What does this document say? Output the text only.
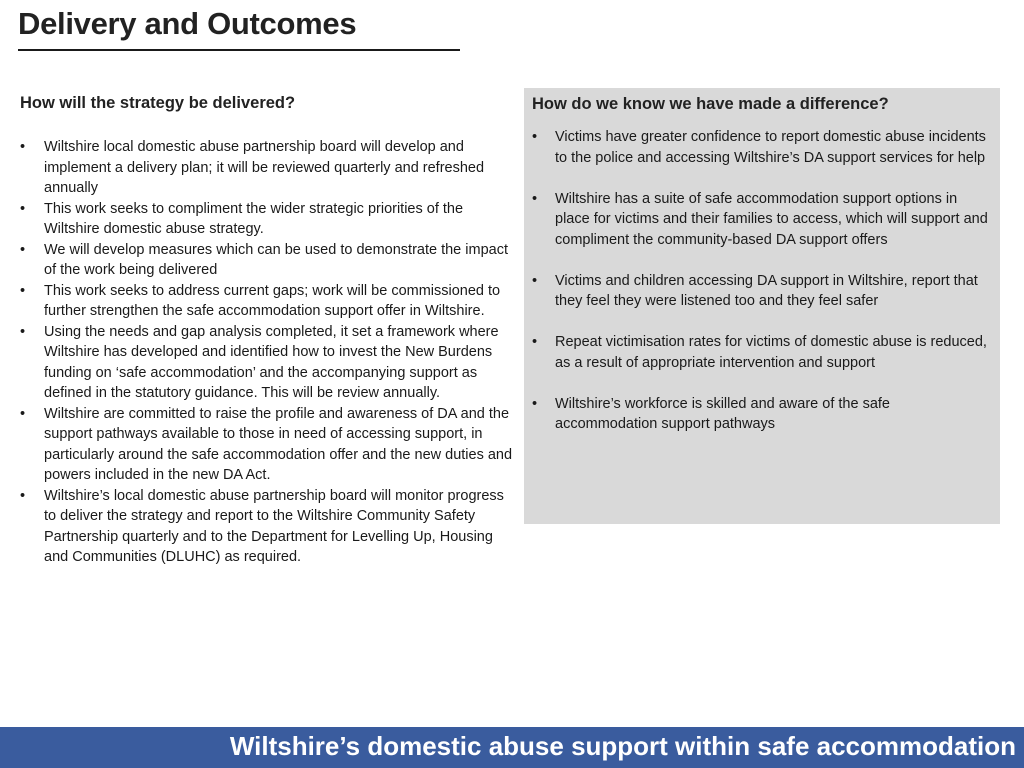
Delivery and Outcomes

How will the strategy be delivered?

• Wiltshire local domestic abuse partnership board will develop and implement a delivery plan; it will be reviewed quarterly and refreshed annually
• This work seeks to compliment the wider strategic priorities of the Wiltshire domestic abuse strategy.
• We will develop measures which can be used to demonstrate the impact of the work being delivered
• This work seeks to address current gaps; work will be commissioned to further strengthen the safe accommodation support offer in Wiltshire.
• Using the needs and gap analysis completed, it set a framework where Wiltshire has developed and identified how to invest the New Burdens funding on ‘safe accommodation’ and the accompanying support as defined in the statutory guidance. This will be review annually.
• Wiltshire are committed to raise the profile and awareness of DA and the support pathways available to those in need of accessing support, in particularly around the safe accommodation offer and the new duties and powers included in the new DA Act.
• Wiltshire’s local domestic abuse partnership board will monitor progress to deliver the strategy and report to the Wiltshire Community Safety Partnership quarterly and to the Department for Levelling Up, Housing and Communities (DLUHC) as required.

How do we know we have made a difference?

• Victims have greater confidence to report domestic abuse incidents to the police and accessing Wiltshire’s DA support services for help
• Wiltshire has a suite of safe accommodation support options in place for victims and their families to access, which will support and compliment the community-based DA support offers
• Victims and children accessing DA support in Wiltshire, report that they feel they were listened too and they feel safer
• Repeat victimisation rates for victims of domestic abuse is reduced, as a result of appropriate intervention and support
• Wiltshire’s workforce is skilled and aware of the safe accommodation support pathways
Wiltshire’s domestic abuse support within safe accommodation
